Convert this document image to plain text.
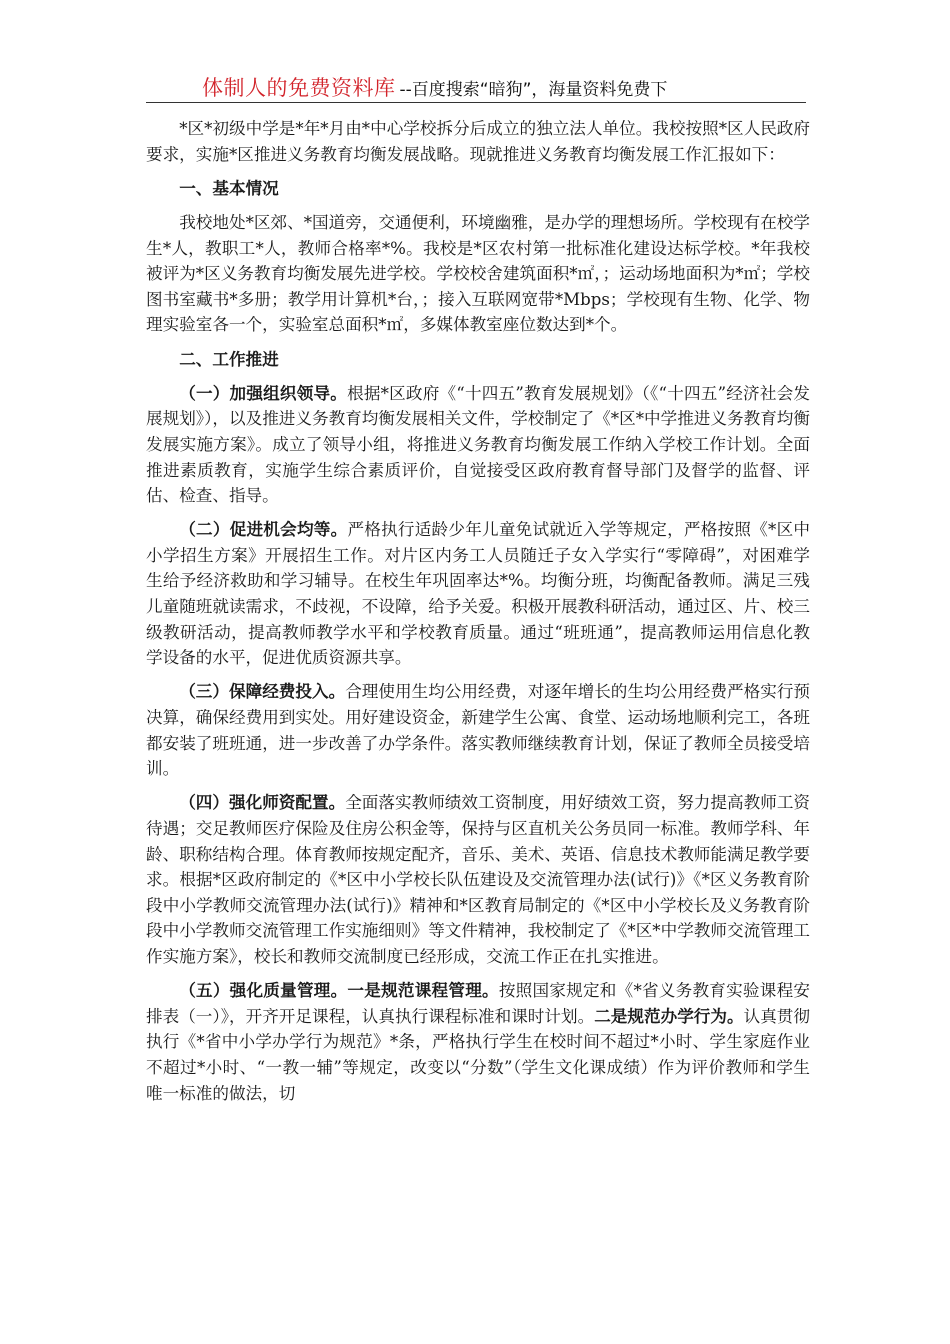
体制人的免费资料库 --百度搜索“暗狗”，海量资料免费下

*区*初级中学是*年*月由*中心学校拆分后成立的独立法人单位。我校按照*区人民政府要求，实施*区推进义务教育均衡发展战略。现就推进义务教育均衡发展工作汇报如下：

一、基本情况

我校地处*区郊、*国道旁，交通便利，环境幽雅，是办学的理想场所。学校现有在校学生*人，教职工*人，教师合格率*%。我校是*区农村第一批标准化建设达标学校。*年我校被评为*区义务教育均衡发展先进学校。学校校舍建筑面积*㎡，；运动场地面积为*㎡；学校图书室藏书*多册；教学用计算机*台，；接入互联网宽带*Mbps；学校现有生物、化学、物理实验室各一个，实验室总面积*㎡，多媒体教室座位数达到*个。

二、工作推进

（一）加强组织领导。根据*区政府《“十四五”教育发展规划》（《“十四五”经济社会发展规划》），以及推进义务教育均衡发展相关文件，学校制定了《*区*中学推进义务教育均衡发展实施方案》。成立了领导小组，将推进义务教育均衡发展工作纳入学校工作计划。全面推进素质教育，实施学生综合素质评价，自觉接受区政府教育督导部门及督学的监督、评估、检查、指导。

（二）促进机会均等。严格执行适龄少年儿童免试就近入学等规定，严格按照《*区中小学招生方案》开展招生工作。对片区内务工人员随迁子女入学实行“零障碍”，对困难学生给予经济救助和学习辅导。在校生年巩固率达*%。均衡分班，均衡配备教师。满足三残儿童随班就读需求，不歧视，不设障，给予关爱。积极开展教科研活动，通过区、片、校三级教研活动，提高教师教学水平和学校教育质量。通过“班班通”，提高教师运用信息化教学设备的水平，促进优质资源共享。

（三）保障经费投入。合理使用生均公用经费，对逐年增长的生均公用经费严格实行预决算，确保经费用到实处。用好建设资金，新建学生公寓、食堂、运动场地顺利完工，各班都安装了班班通，进一步改善了办学条件。落实教师继续教育计划，保证了教师全员接受培训。

（四）强化师资配置。全面落实教师绩效工资制度，用好绩效工资，努力提高教师工资待遇；交足教师医疗保险及住房公积金等，保持与区直机关公务员同一标准。教师学科、年龄、职称结构合理。体育教师按规定配齐，音乐、美术、英语、信息技术教师能满足教学要求。根据*区政府制定的《*区中小学校长队伍建设及交流管理办法(试行)》《*区义务教育阶段中小学教师交流管理办法(试行)》精神和*区教育局制定的《*区中小学校长及义务教育阶段中小学教师交流管理工作实施细则》等文件精神，我校制定了《*区*中学教师交流管理工作实施方案》，校长和教师交流制度已经形成，交流工作正在扎实推进。

（五）强化质量管理。一是规范课程管理。按照国家规定和《*省义务教育实验课程安排表（一）》，开齐开足课程，认真执行课程标准和课时计划。二是规范办学行为。认真贯彻执行《*省中小学办学行为规范》*条，严格执行学生在校时间不超过*小时、学生家庭作业不超过*小时、“一教一辅”等规定，改变以“分数”（学生文化课成绩）作为评价教师和学生唯一标准的做法，切
